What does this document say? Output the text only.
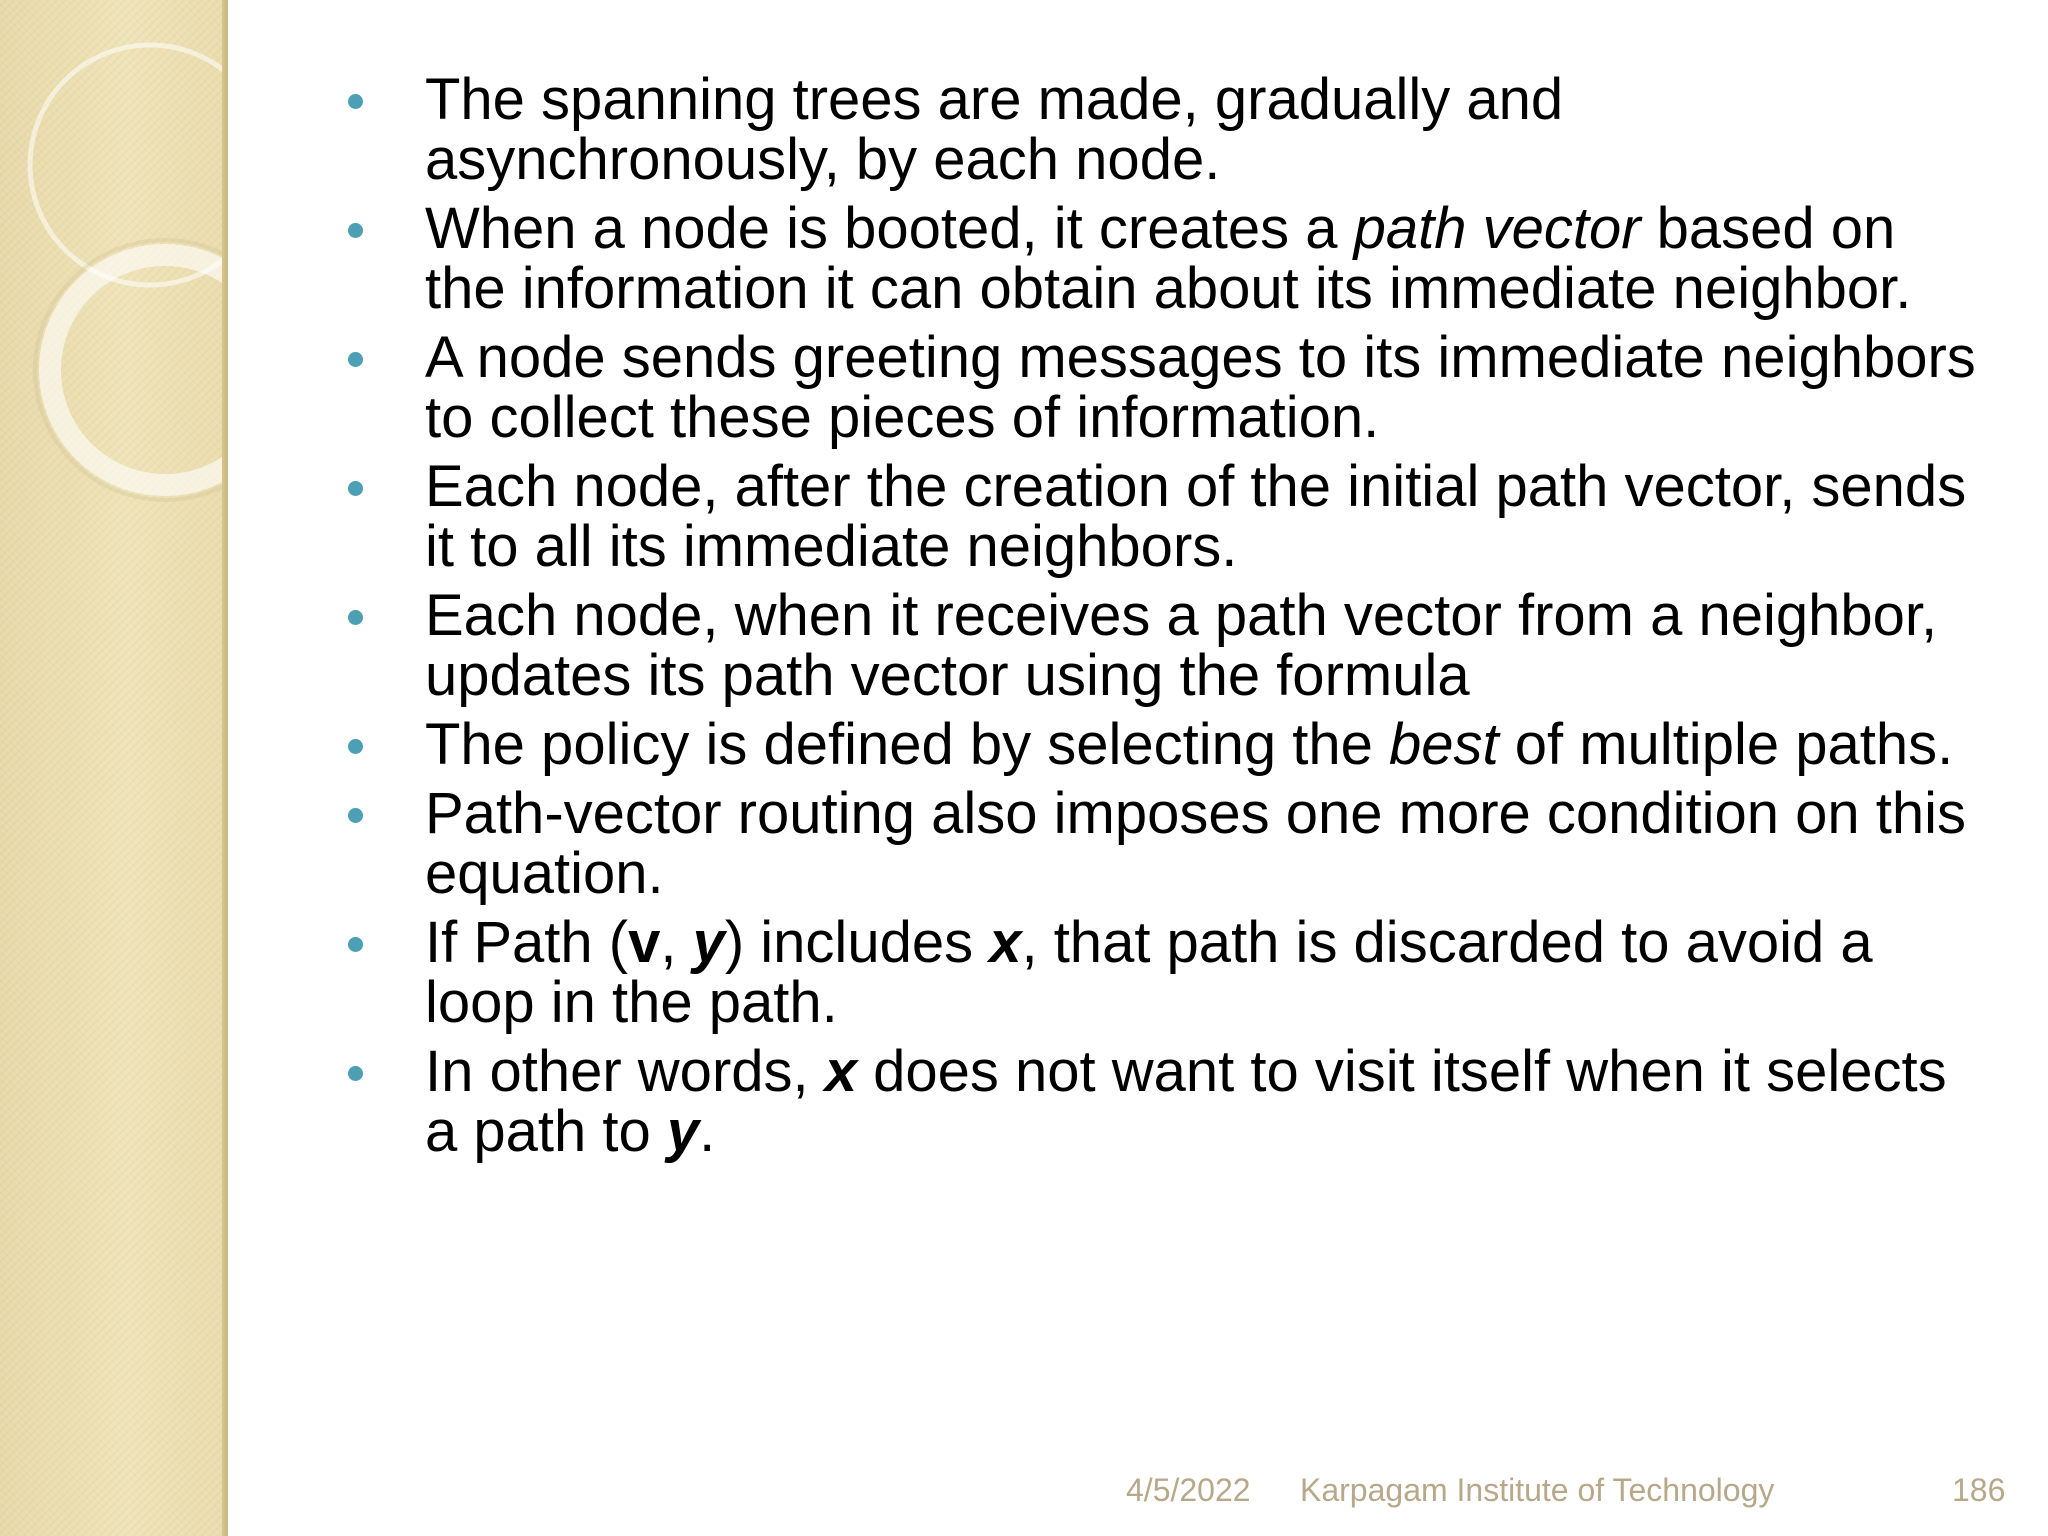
The spanning trees are made, gradually and asynchronously, by each node.
When a node is booted, it creates a path vector based on the information it can obtain about its immediate neighbor.
A node sends greeting messages to its immediate neighbors to collect these pieces of information.
Each node, after the creation of the initial path vector, sends it to all its immediate neighbors.
Each node, when it receives a path vector from a neighbor, updates its path vector using the formula
The policy is defined by selecting the best of multiple paths.
Path-vector routing also imposes one more condition on this equation.
If Path (v, y) includes x, that path is discarded to avoid a loop in the path.
In other words, x does not want to visit itself when it selects a path to y.
4/5/2022 Karpagam Institute of Technology	186
